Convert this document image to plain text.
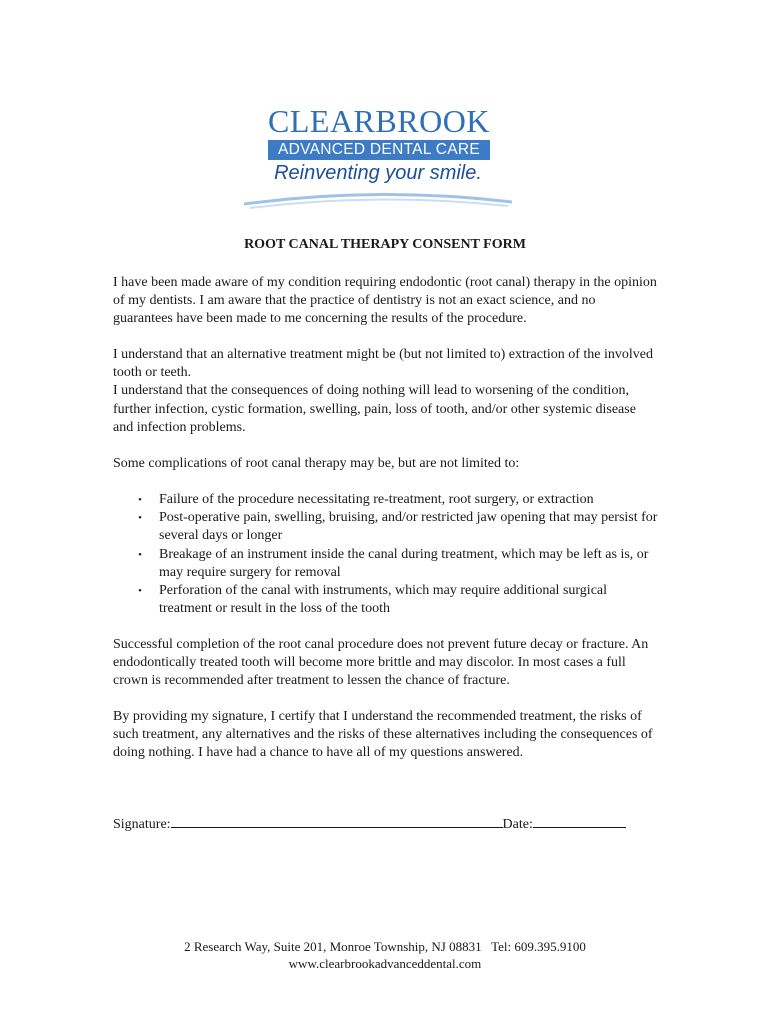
CLEARBROOK
ADVANCED DENTAL CARE
Reinventing your smile.
ROOT CANAL THERAPY CONSENT FORM

I have been made aware of my condition requiring endodontic (root canal) therapy in the opinion of my dentists. I am aware that the practice of dentistry is not an exact science, and no guarantees have been made to me concerning the results of the procedure.

I understand that an alternative treatment might be (but not limited to) extraction of the involved tooth or teeth.
I understand that the consequences of doing nothing will lead to worsening of the condition, further infection, cystic formation, swelling, pain, loss of tooth, and/or other systemic disease and infection problems.

Some complications of root canal therapy may be, but are not limited to:

• Failure of the procedure necessitating re-treatment, root surgery, or extraction
• Post-operative pain, swelling, bruising, and/or restricted jaw opening that may persist for several days or longer
• Breakage of an instrument inside the canal during treatment, which may be left as is, or may require surgery for removal
• Perforation of the canal with instruments, which may require additional surgical treatment or result in the loss of the tooth

Successful completion of the root canal procedure does not prevent future decay or fracture. An endodontically treated tooth will become more brittle and may discolor. In most cases a full crown is recommended after treatment to lessen the chance of fracture.

By providing my signature, I certify that I understand the recommended treatment, the risks of such treatment, any alternatives and the risks of these alternatives including the consequences of doing nothing. I have had a chance to have all of my questions answered.

Signature:	Date:
2 Research Way, Suite 201, Monroe Township, NJ 08831   Tel: 609.395.9100
www.clearbrookadvanceddental.com
